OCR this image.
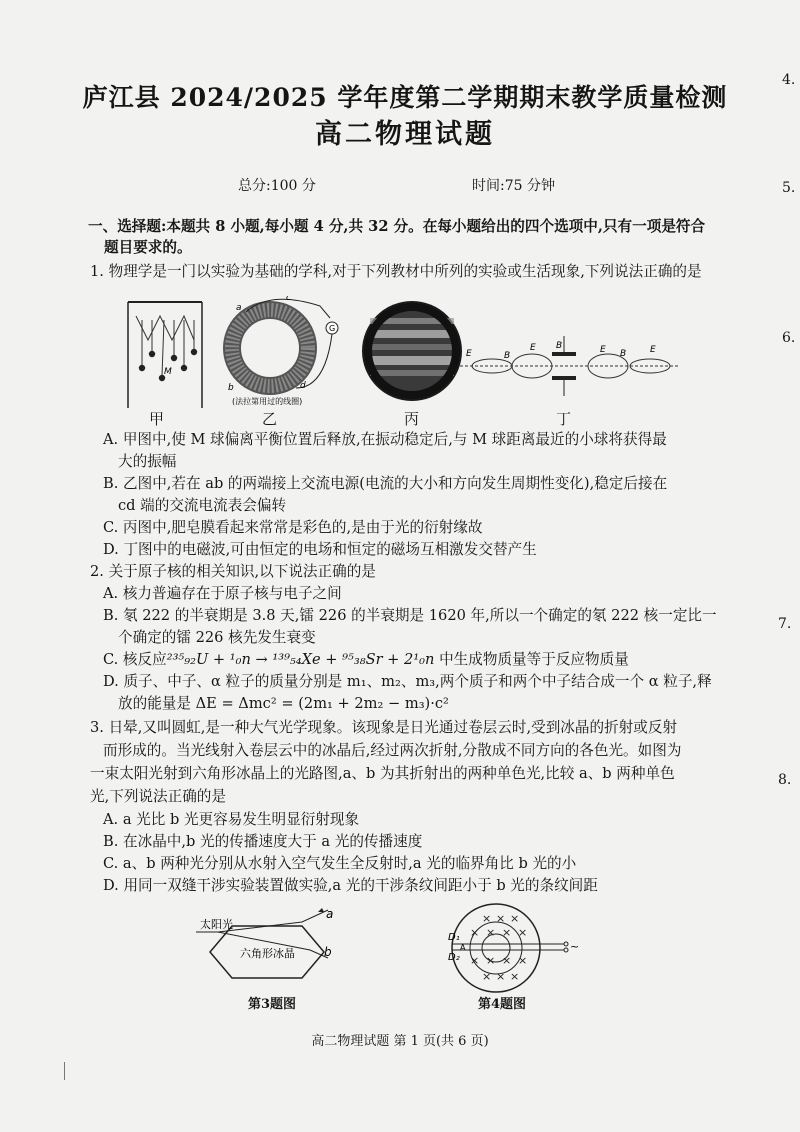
庐江县 2024/2025 学年度第二学期期末教学质量检测
高二物理试题
总分:100 分	时间:75 分钟
一、选择题:本题共 8 小题,每小题 4 分,共 32 分。在每小题给出的四个选项中,只有一项是符合
题目要求的。
1. 物理学是一门以实验为基础的学科,对于下列教材中所列的实验或生活现象,下列说法正确的是
M
G
a
c
b	d
(法拉第用过的线圈)
E	B
E B	E B	E
甲	乙	丙	丁
A. 甲图中,使 M 球偏离平衡位置后释放,在振动稳定后,与 M 球距离最近的小球将获得最
大的振幅
B. 乙图中,若在 ab 的两端接上交流电源(电流的大小和方向发生周期性变化),稳定后接在
cd 端的交流电流表会偏转
C. 丙图中,肥皂膜看起来常常是彩色的,是由于光的衍射缘故
D. 丁图中的电磁波,可由恒定的电场和恒定的磁场互相激发交替产生
2. 关于原子核的相关知识,以下说法正确的是
A. 核力普遍存在于原子核与电子之间
B. 氡 222 的半衰期是 3.8 天,镭 226 的半衰期是 1620 年,所以一个确定的氡 222 核一定比一
个确定的镭 226 核先发生衰变
C. 核反应²³⁵₉₂U + ¹₀n → ¹³⁹₅₄Xe + ⁹⁵₃₈Sr + 2¹₀n 中生成物质量等于反应物质量
D. 质子、中子、α 粒子的质量分别是 m₁、m₂、m₃,两个质子和两个中子结合成一个 α 粒子,释
放的能量是 ΔE = Δmc² = (2m₁ + 2m₂ − m₃)·c²
3. 日晕,又叫圆虹,是一种大气光学现象。该现象是日光通过卷层云时,受到冰晶的折射或反射
而形成的。当光线射入卷层云中的冰晶后,经过两次折射,分散成不同方向的各色光。如图为
一束太阳光射到六角形冰晶上的光路图,a、b 为其折射出的两种单色光,比较 a、b 两种单色
光,下列说法正确的是
A. a 光比 b 光更容易发生明显衍射现象
B. 在冰晶中,b 光的传播速度大于 a 光的传播速度
C. a、b 两种光分别从水射入空气发生全反射时,a 光的临界角比 b 光的小
D. 用同一双缝干涉实验装置做实验,a 光的干涉条纹间距小于 b 光的条纹间距
太阳光
六角形冰晶
a
b
第3题图
× × ×
× × × ×
× × × ×
× × ×
D₁
D₂
A	~
第4题图
4.
5.
6.
7.
8.
高二物理试题 第 1 页(共 6 页)
